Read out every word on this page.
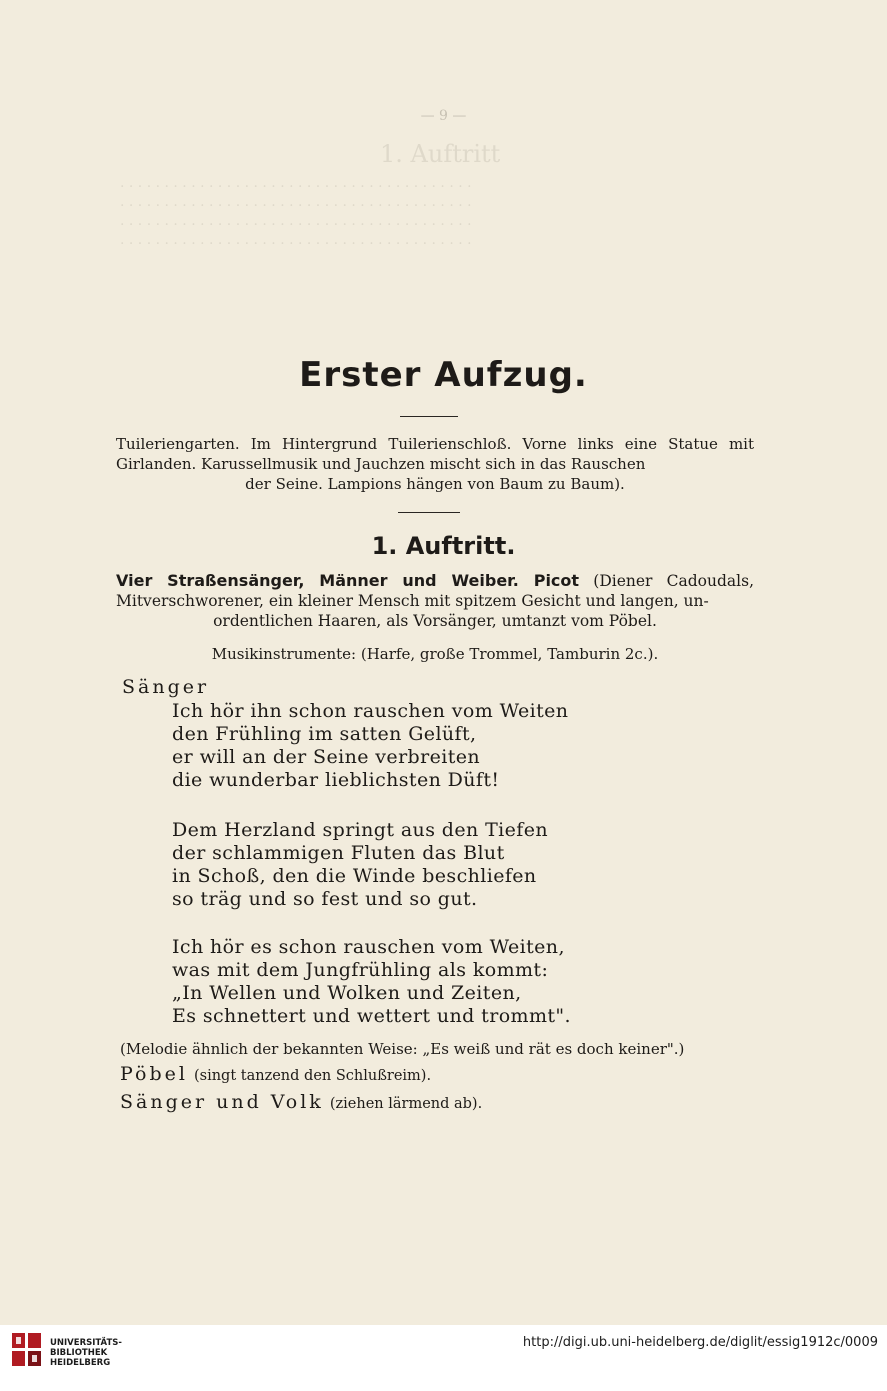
1. Auftritt
· · · · · · · · · · · · · · · · · · · · · · · · · · · · · · · · · · · · · · · ·
· · · · · · · · · · · · · · · · · · · · · · · · · · · · · · · · · · · · · · · ·
· · · · · · · · · · · · · · · · · · · · · · · · · · · · · · · · · · · · · · · ·
· · · · · · · · · · · · · · · · · · · · · · · · · · · · · · · · · · · · · · · ·
— 9 —
Erster Aufzug.
Tuileriengarten. Im Hintergrund Tuilerienschloß. Vorne links eine Statue mit Girlanden. Karussellmusik und Jauchzen mischt sich in das Rauschen
der Seine. Lampions hängen von Baum zu Baum).
1. Auftritt.
Vier Straßensänger, Männer und Weiber. Picot (Diener Cadoudals, Mitverschworener, ein kleiner Mensch mit spitzem Gesicht und langen, un-
ordentlichen Haaren, als Vorsänger, umtanzt vom Pöbel.
Musikinstrumente: (Harfe, große Trommel, Tamburin 2c.).
Sänger
Ich hör ihn schon rauschen vom Weiten
den Frühling im satten Gelüft,
er will an der Seine verbreiten
die wunderbar lieblichsten Düft!
Dem Herzland springt aus den Tiefen
der schlammigen Fluten das Blut
in Schoß, den die Winde beschliefen
so träg und so fest und so gut.
Ich hör es schon rauschen vom Weiten,
was mit dem Jungfrühling als kommt:
„In Wellen und Wolken und Zeiten,
Es schnettert und wettert und trommt".
(Melodie ähnlich der bekannten Weise: „Es weiß und rät es doch keiner".)
Pöbel (singt tanzend den Schlußreim).
Sänger und Volk (ziehen lärmend ab).
UNIVERSITÄTS-
BIBLIOTHEK
HEIDELBERG
http://digi.ub.uni-heidelberg.de/diglit/essig1912c/0009
